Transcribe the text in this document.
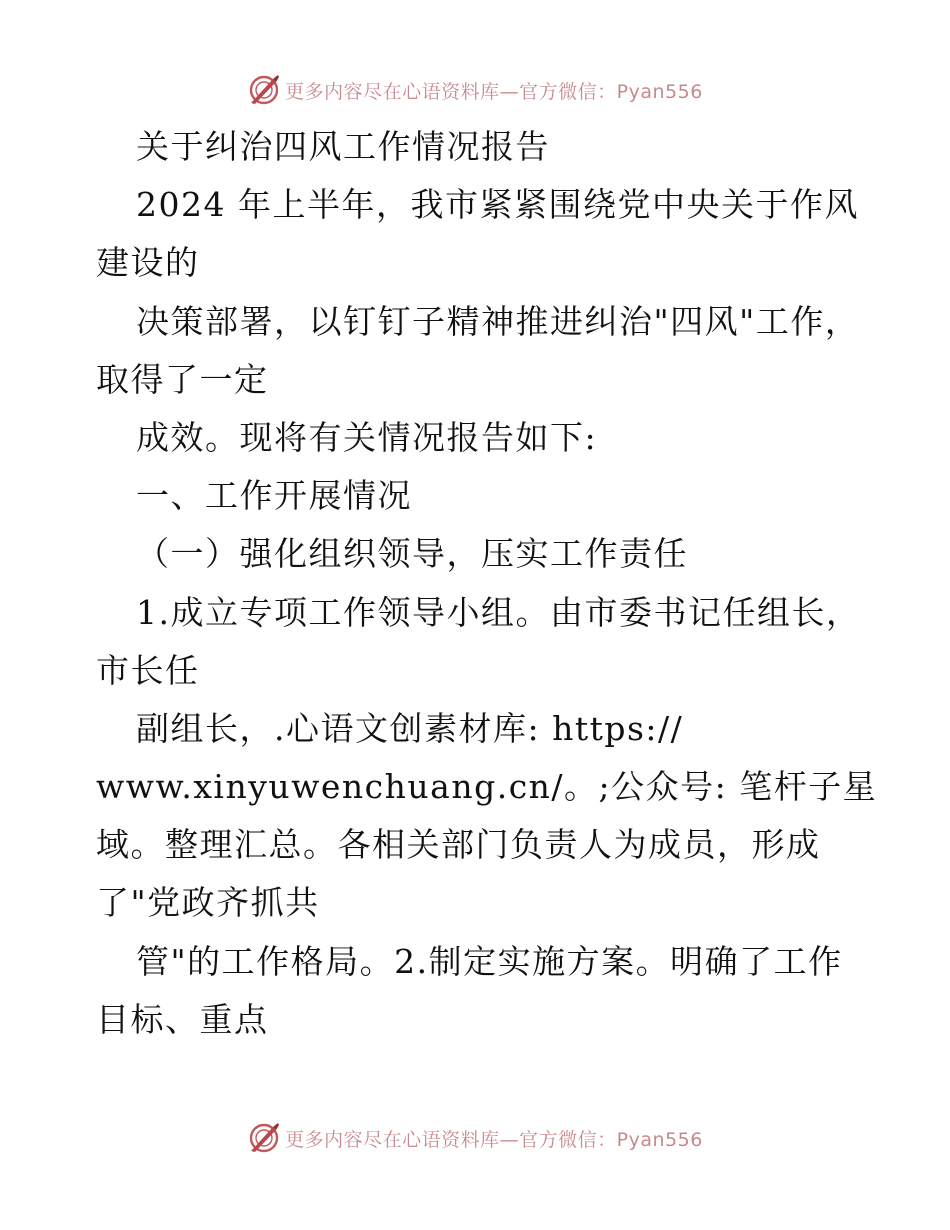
更多内容尽在心语资料库—官方微信：Pyan556
关于纠治四风工作情况报告
2024 年上半年，我市紧紧围绕党中央关于作风
建设的
决策部署，以钉钉子精神推进纠治"四风"工作，
取得了一定
成效。现将有关情况报告如下:
一、工作开展情况
（一）强化组织领导，压实工作责任
1.成立专项工作领导小组。由市委书记任组长，
市长任
副组长，.心语文创素材库: https://
www.xinyuwenchuang.cn/。;公众号: 笔杆子星
域。整理汇总。各相关部门负责人为成员，形成
了"党政齐抓共
管"的工作格局。2.制定实施方案。明确了工作
目标、重点
更多内容尽在心语资料库—官方微信：Pyan556
